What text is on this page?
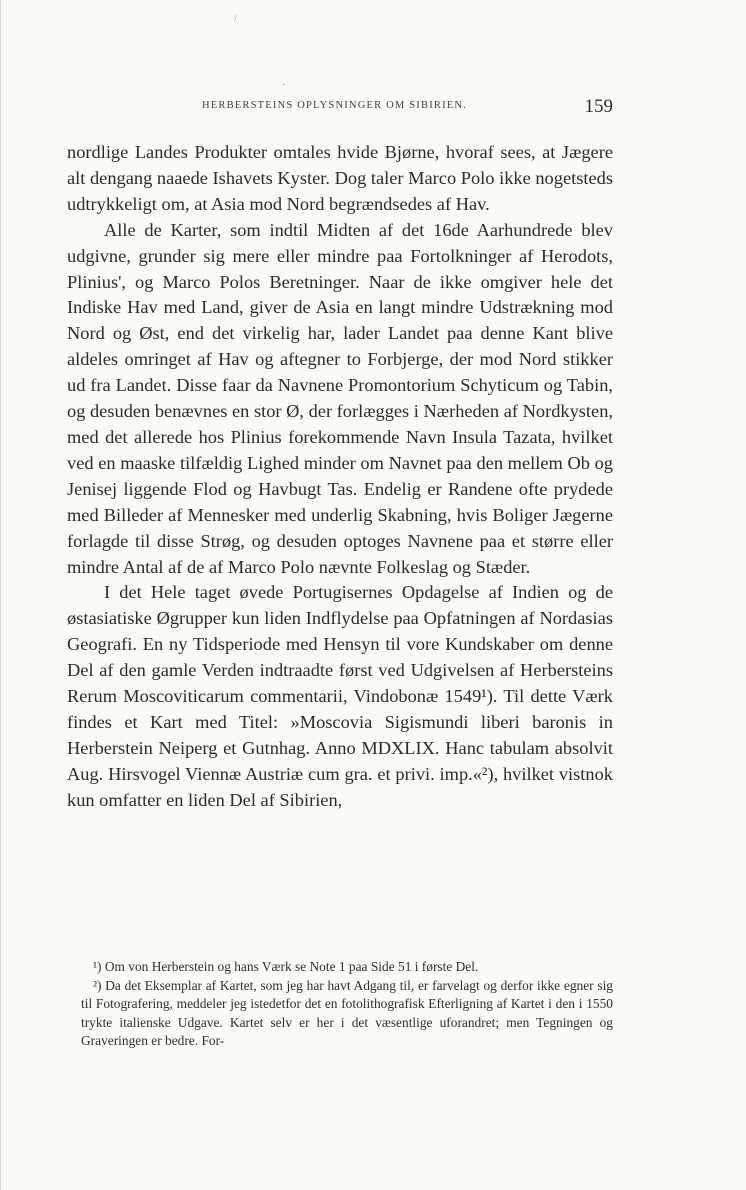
/
·
HERBERSTEINS OPLYSNINGER OM SIBIRIEN.	159

nordlige Landes Produkter omtales hvide Bjørne, hvoraf sees, at Jægere alt dengang naaede Ishavets Kyster. Dog taler Marco Polo ikke nogetsteds udtrykkeligt om, at Asia mod Nord begrændsedes af Hav.

Alle de Karter, som indtil Midten af det 16de Aarhundrede blev udgivne, grunder sig mere eller mindre paa Fortolkninger af Herodots, Plinius', og Marco Polos Beretninger. Naar de ikke omgiver hele det Indiske Hav med Land, giver de Asia en langt mindre Udstrækning mod Nord og Øst, end det virkelig har, lader Landet paa denne Kant blive aldeles omringet af Hav og aftegner to Forbjerge, der mod Nord stikker ud fra Landet. Disse faar da Navnene Promontorium Schyticum og Tabin, og desuden benævnes en stor Ø, der forlægges i Nærheden af Nordkysten, med det allerede hos Plinius forekommende Navn Insula Tazata, hvilket ved en maaske tilfældig Lighed minder om Navnet paa den mellem Ob og Jenisej liggende Flod og Havbugt Tas. Endelig er Randene ofte prydede med Billeder af Mennesker med underlig Skabning, hvis Boliger Jægerne forlagde til disse Strøg, og desuden optoges Navnene paa et større eller mindre Antal af de af Marco Polo nævnte Folkeslag og Stæder.

I det Hele taget øvede Portugisernes Opdagelse af Indien og de østasiatiske Øgrupper kun liden Indflydelse paa Opfatningen af Nordasias Geografi. En ny Tidsperiode med Hensyn til vore Kundskaber om denne Del af den gamle Verden indtraadte først ved Udgivelsen af Herbersteins Rerum Moscoviticarum commentarii, Vindobonæ 1549¹). Til dette Værk findes et Kart med Titel: »Moscovia Sigismundi liberi baronis in Herberstein Neiperg et Gutnhag. Anno MDXLIX. Hanc tabulam absolvit Aug. Hirsvogel Viennæ Austriæ cum gra. et privi. imp.«²), hvilket vistnok kun omfatter en liden Del af Sibirien,

¹) Om von Herberstein og hans Værk se Note 1 paa Side 51 i første Del.

²) Da det Eksemplar af Kartet, som jeg har havt Adgang til, er farvelagt og derfor ikke egner sig til Fotografering, meddeler jeg istedetfor det en fotolithografisk Efterligning af Kartet i den i 1550 trykte italienske Udgave. Kartet selv er her i det væsentlige uforandret; men Tegningen og Graveringen er bedre. For-
